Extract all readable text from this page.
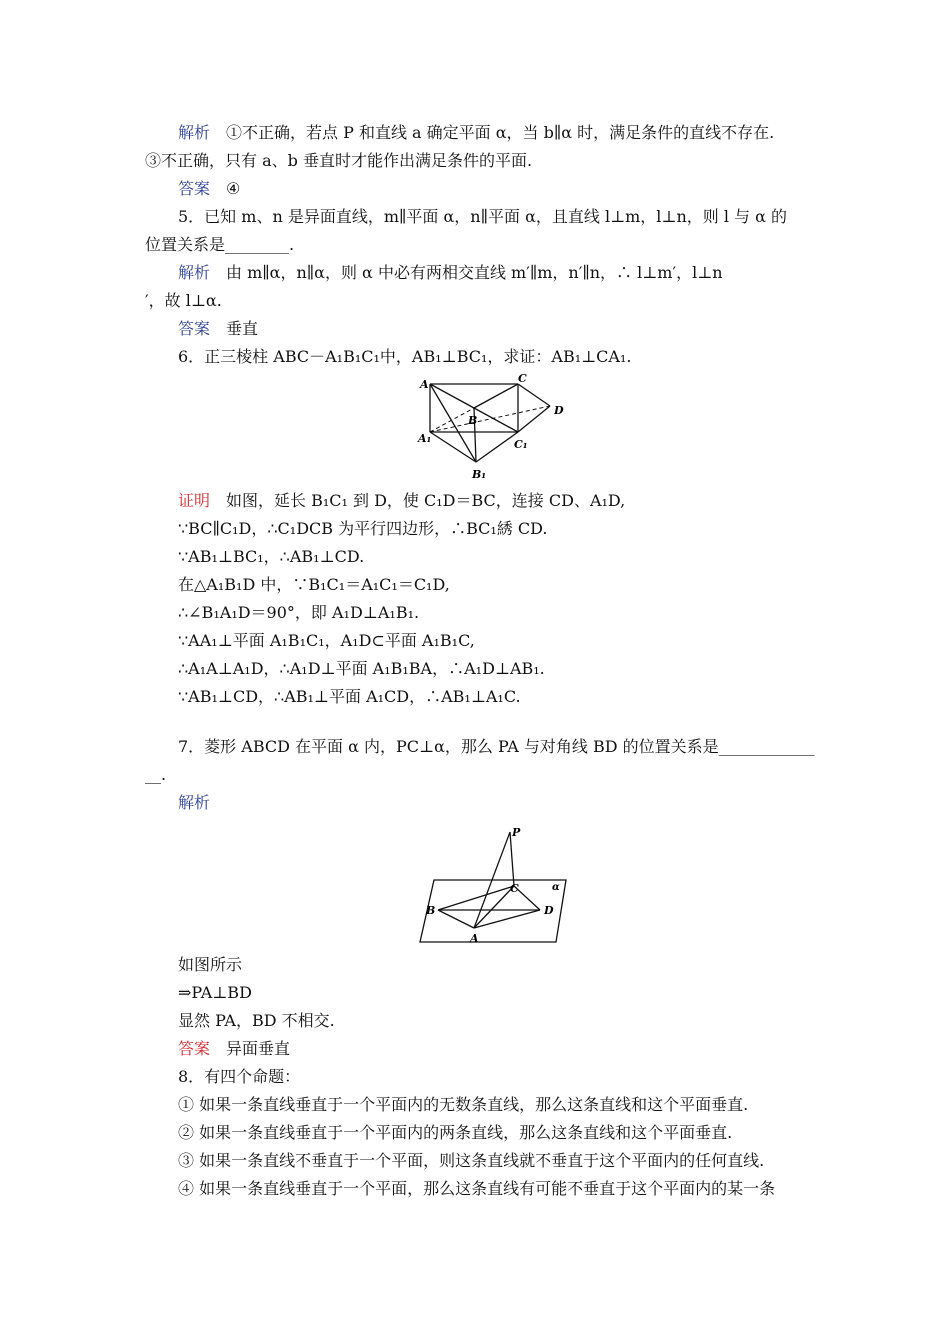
解析 ①不正确，若点 P 和直线 a 确定平面 α，当 b∥α 时，满足条件的直线不存在.
③不正确，只有 a、b 垂直时才能作出满足条件的平面.
答案 ④
5．已知 m、n 是异面直线，m∥平面 α，n∥平面 α，且直线 l⊥m，l⊥n，则 l 与 α 的
位置关系是________.
解析 由 m∥α，n∥α，则 α 中必有两相交直线 m′∥m，n′∥n，∴ l⊥m′，l⊥n
′，故 l⊥α.
答案 垂直
6．正三棱柱 ABC－A₁B₁C₁中，AB₁⊥BC₁，求证：AB₁⊥CA₁.
A	C
B
D
A₁	C₁
B₁
证明 如图，延长 B₁C₁ 到 D，使 C₁D＝BC，连接 CD、A₁D,
∵BC∥C₁D，∴C₁DCB 为平行四边形，∴BC₁綉 CD.
∵AB₁⊥BC₁，∴AB₁⊥CD.
在△A₁B₁D 中，∵B₁C₁＝A₁C₁＝C₁D,
∴∠B₁A₁D＝90°，即 A₁D⊥A₁B₁.
∵AA₁⊥平面 A₁B₁C₁，A₁D⊂平面 A₁B₁C,
∴A₁A⊥A₁D，∴A₁D⊥平面 A₁B₁BA，∴A₁D⊥AB₁.
∵AB₁⊥CD，∴AB₁⊥平面 A₁CD，∴AB₁⊥A₁C.
7．菱形 ABCD 在平面 α 内，PC⊥α，那么 PA 与对角线 BD 的位置关系是____________
__.
解析
P
C
B	D
A
α
如图所示
⇒PA⊥BD
显然 PA，BD 不相交.
答案 异面垂直
8．有四个命题：
① 如果一条直线垂直于一个平面内的无数条直线，那么这条直线和这个平面垂直.
② 如果一条直线垂直于一个平面内的两条直线，那么这条直线和这个平面垂直.
③ 如果一条直线不垂直于一个平面，则这条直线就不垂直于这个平面内的任何直线.
④ 如果一条直线垂直于一个平面，那么这条直线有可能不垂直于这个平面内的某一条
